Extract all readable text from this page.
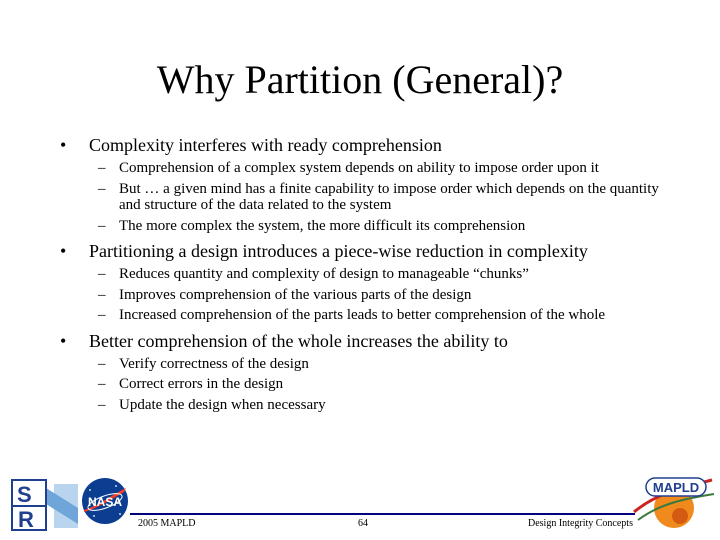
Why Partition (General)?
• Complexity interferes with ready comprehension
– Comprehension of a complex system depends on ability to impose order upon it
– But … a given mind has a finite capability to impose order which depends on the quantity and structure of the data related to the system
– The more complex the system, the more difficult its comprehension
• Partitioning a design introduces a piece-wise reduction in complexity
– Reduces quantity and complexity of design to manageable “chunks”
– Improves comprehension of the various parts of the design
– Increased comprehension of the parts leads to better comprehension of the whole
• Better comprehension of the whole increases the ability to
– Verify correctness of the design
– Correct errors in the design
– Update the design when necessary
S
R
NASA
MAPLD
2005 MAPLD	64	Design Integrity Concepts
